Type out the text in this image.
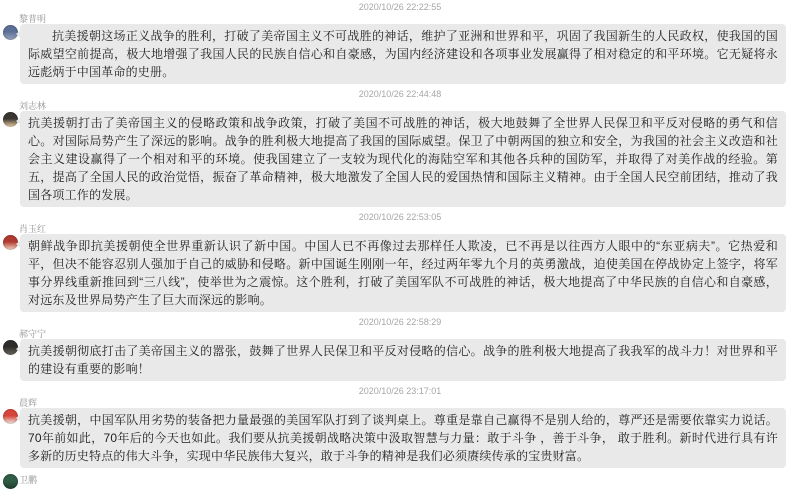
2020/10/26 22:22:55
黎普明
抗美援朝这场正义战争的胜利，打破了美帝国主义不可战胜的神话，维护了亚洲和世界和平，巩固了我国新生的人民政权，使我国的国际威望空前提高，极大地增强了我国人民的民族自信心和自豪感，为国内经济建设和各项事业发展赢得了相对稳定的和平环境。它无疑将永远彪炳于中国革命的史册。
2020/10/26 22:44:48
刘志林
抗美援朝打击了美帝国主义的侵略政策和战争政策，打破了美国不可战胜的神话，极大地鼓舞了全世界人民保卫和平反对侵略的勇气和信心。对国际局势产生了深远的影响。战争的胜利极大地提高了我国的国际威望。保卫了中朝两国的独立和安全，为我国的社会主义改造和社会主义建设赢得了一个相对和平的环境。使我国建立了一支较为现代化的海陆空军和其他各兵种的国防军，并取得了对美作战的经验。第五，提高了全国人民的政治觉悟，振奋了革命精神，极大地激发了全国人民的爱国热情和国际主义精神。由于全国人民空前团结，推动了我国各项工作的发展。
2020/10/26 22:53:05
肖玉红
朝鲜战争即抗美援朝使全世界重新认识了新中国。中国人已不再像过去那样任人欺凌，已不再是以往西方人眼中的“东亚病夫”。它热爱和平，但决不能容忍别人强加于自己的威胁和侵略。新中国诞生刚刚一年，经过两年零九个月的英勇激战，迫使美国在停战协定上签字，将军事分界线重新推回到“三八线”，使举世为之震惊。这个胜利，打破了美国军队不可战胜的神话，极大地提高了中华民族的自信心和自豪感，对远东及世界局势产生了巨大而深远的影响。
2020/10/26 22:58:29
郝守宁
抗美援朝彻底打击了美帝国主义的嚣张，鼓舞了世界人民保卫和平反对侵略的信心。战争的胜利极大地提高了我我军的战斗力！对世界和平的建设有重要的影响！
2020/10/26 23:17:01
晨辉
抗美援朝，中国军队用劣势的装备把力量最强的美国军队打到了谈判桌上。尊重是靠自己赢得不是别人给的，尊严还是需要依靠实力说话。70年前如此，70年后的今天也如此。我们要从抗美援朝战略决策中汲取智慧与力量：敢于斗争 ，善于斗争， 敢于胜利。新时代进行具有许多新的历史特点的伟大斗争，实现中华民族伟大复兴，敢于斗争的精神是我们必须赓续传承的宝贵财富。
卫鹏
